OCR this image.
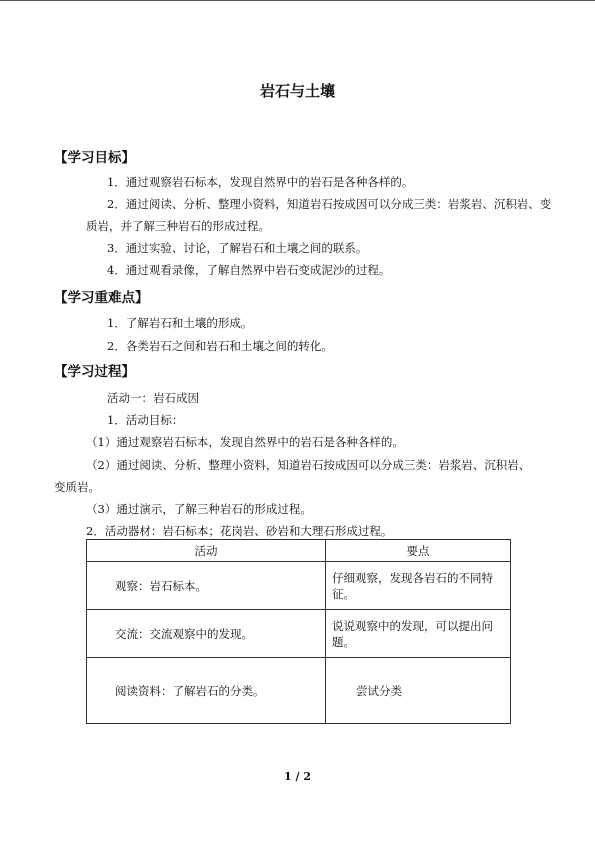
岩石与土壤
【学习目标】
1．通过观察岩石标本，发现自然界中的岩石是各种各样的。
2．通过阅读、分析、整理小资料，知道岩石按成因可以分成三类：岩浆岩、沉积岩、变
质岩，并了解三种岩石的形成过程。
3．通过实验、讨论，了解岩石和土壤之间的联系。
4．通过观看录像，了解自然界中岩石变成泥沙的过程。
【学习重难点】
1．了解岩石和土壤的形成。
2．各类岩石之间和岩石和土壤之间的转化。
【学习过程】
活动一：岩石成因
1．活动目标：
（1）通过观察岩石标本，发现自然界中的岩石是各种各样的。
（2）通过阅读、分析、整理小资料，知道岩石按成因可以分成三类：岩浆岩、沉积岩、
变质岩。
（3）通过演示，了解三种岩石的形成过程。
2．活动器材：岩石标本；花岗岩、砂岩和大理石形成过程。
活动	要点
观察：岩石标本。	仔细观察，发现各岩石的不同特征。
交流：交流观察中的发现。	说说观察中的发现，可以提出问题。
阅读资料：了解岩石的分类。	尝试分类
1 / 2
